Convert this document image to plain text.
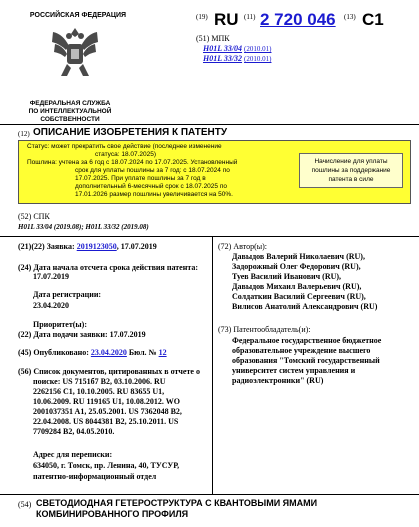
РОССИЙСКАЯ ФЕДЕРАЦИЯ
ФЕДЕРАЛЬНАЯ СЛУЖБА
ПО ИНТЕЛЛЕКТУАЛЬНОЙ СОБСТВЕННОСТИ
(19) RU (11) 2 720 046 (13) C1
(51) МПК
H01L 33/04 (2010.01)
H01L 33/32 (2010.01)
(12) ОПИСАНИЕ ИЗОБРЕТЕНИЯ К ПАТЕНТУ
Статус: может прекратить свое действие (последнее изменение
статуса: 18.07.2025)
Пошлина: учтена за 6 год с 18.07.2024 по 17.07.2025. Установленный
срок для уплаты пошлины за 7 год: с 18.07.2024 по
17.07.2025. При уплате пошлины за 7 год в
дополнительный 6-месячный срок с 18.07.2025 по
17.01.2026 размер пошлины увеличивается на 50%.
Начисление для уплаты
пошлины за поддержание
патента в силе
(52) СПК
H01L 33/04 (2019.08); H01L 33/32 (2019.08)
(21)(22) Заявка: 2019123050, 17.07.2019
(24) Дата начала отсчета срока действия патента:
17.07.2019
Дата регистрации:
23.04.2020
Приоритет(ы):
(22) Дата подачи заявки: 17.07.2019
(45) Опубликовано: 23.04.2020 Бюл. № 12
(56) Список документов, цитированных в отчете о
поиске: US 7151б7 B2, 03.10.2006. RU
2262156 C1, 10.10.2005. RU 83655 U1,
10.06.2009. RU 119165 U1, 10.08.2012. WO
2001037351 A1, 25.05.2001. US 7362048 B2,
22.04.2008. US 8044381 B2, 25.10.2011. US
7709284 B2, 04.05.2010.
Адрес для переписки:
634050, г. Томск, пр. Ленина, 40, ТУСУР,
патентно-информационный отдел
(72) Автор(ы):
Давыдов Валерий Николаевич (RU),
Задорожный Олег Федорович (RU),
Туев Василий Иванович (RU),
Давыдов Михаил Валерьевич (RU),
Солдаткин Василий Сергеевич (RU),
Вилисов Анатолий Александрович (RU)
(73) Патентообладатель(и):
Федеральное государственное бюджетное
образовательное учреждение высшего
образования "Томский государственный
университет систем управления и
радиоэлектроники" (RU)
(54) СВЕТОДИОДНАЯ ГЕТЕРОСТРУКТУРА С КВАНТОВЫМИ ЯМАМИ
КОМБИНИРОВАННОГО ПРОФИЛЯ
